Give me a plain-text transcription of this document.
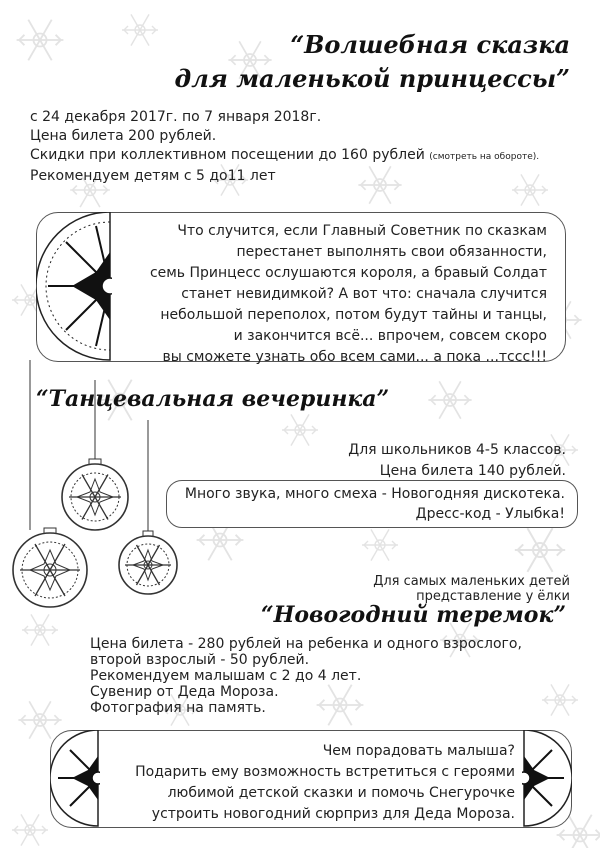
“Волшебная сказка
для маленькой принцессы”
с 24 декабря 2017г. по 7 января 2018г.
Цена билета 200 рублей.
Скидки при коллективном посещении до 160 рублей (смотреть на обороте).
Рекомендуем детям с 5 до11 лет
Что случится, если Главный Советник по сказкам
перестанет выполнять свои обязанности,
семь Принцесс ослушаются короля, а бравый Солдат
станет невидимкой? А вот что: сначала случится
небольшой переполох, потом будут тайны и танцы,
и закончится всё... впрочем, совсем скоро
вы сможете узнать обо всем сами... а пока ...тссс!!!
“Танцевальная вечеринка”
Для школьников 4-5 классов.
Цена билета 140 рублей.
Много звука, много смеха - Новогодняя дискотека.
Дресс-код - Улыбка!
Для самых маленьких детей
представление у ёлки
“Новогодний теремок”
Цена билета - 280 рублей на ребенка и одного взрослого,
второй взрослый - 50 рублей.
Рекомендуем малышам с 2 до 4 лет.
Сувенир от Деда Мороза.
Фотография на память.
Чем порадовать малыша?
Подарить ему возможность встретиться с героями
любимой детской сказки и помочь Снегурочке
устроить новогодний сюрприз для Деда Мороза.
